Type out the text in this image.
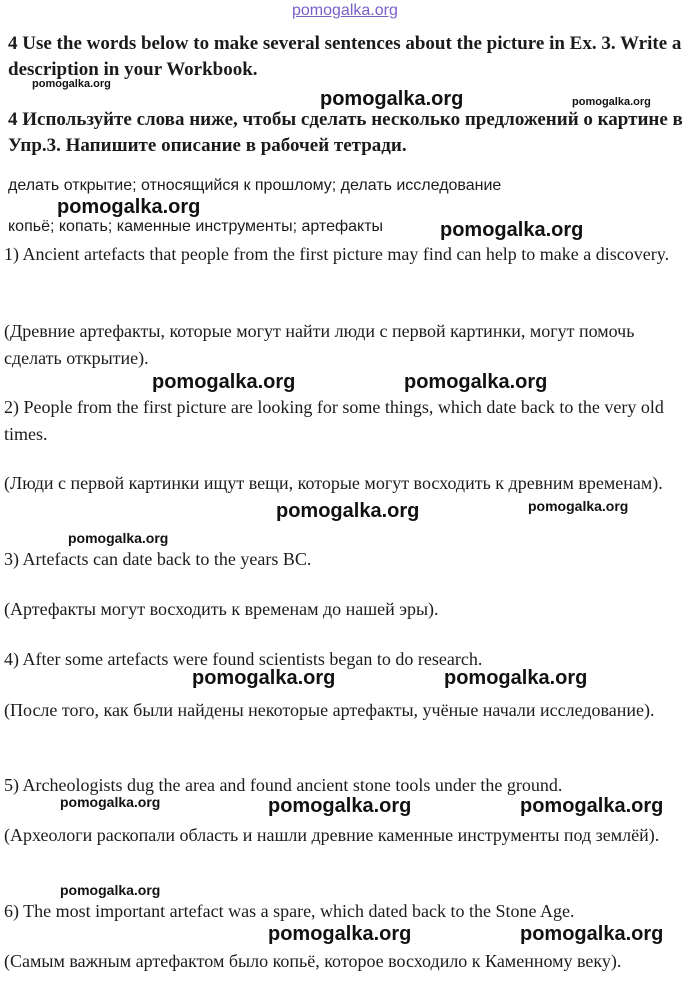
pomogalka.org
4 Use the words below to make several sentences about the picture in Ex. 3. Write a description in your Workbook.
4 Используйте слова ниже, чтобы сделать несколько предложений о картине в Упр.3. Напишите описание в рабочей тетради.
делать открытие; относящийся к прошлому; делать исследование
копьё; копать; каменные инструменты; артефакты
1) Ancient artefacts that people from the first picture may find can help to make a discovery.
(Древние артефакты, которые могут найти люди с первой картинки, могут помочь сделать открытие).
2) People from the first picture are looking for some things, which date back to the very old times.
(Люди с первой картинки ищут вещи, которые могут восходить к древним временам).
3) Artefacts can date back to the years BC.
(Артефакты могут восходить к временам до нашей эры).
4) After some artefacts were found scientists began to do research.
(После того, как были найдены некоторые артефакты, учёные начали исследование).
5) Archeologists dug the area and found ancient stone tools under the ground.
(Археологи раскопали область и нашли древние каменные инструменты под землёй).
6) The most important artefact was a spare, which dated back to the Stone Age.
(Самым важным артефактом было копьё, которое восходило к Каменному веку).
pomogalka.org
pomogalka.org	pomogalka.org
pomogalka.org
pomogalka.org
pomogalka.org	pomogalka.org
pomogalka.org	pomogalka.org
pomogalka.org
pomogalka.org	pomogalka.org
pomogalka.org	pomogalka.org	pomogalka.org
pomogalka.org
pomogalka.org	pomogalka.org
